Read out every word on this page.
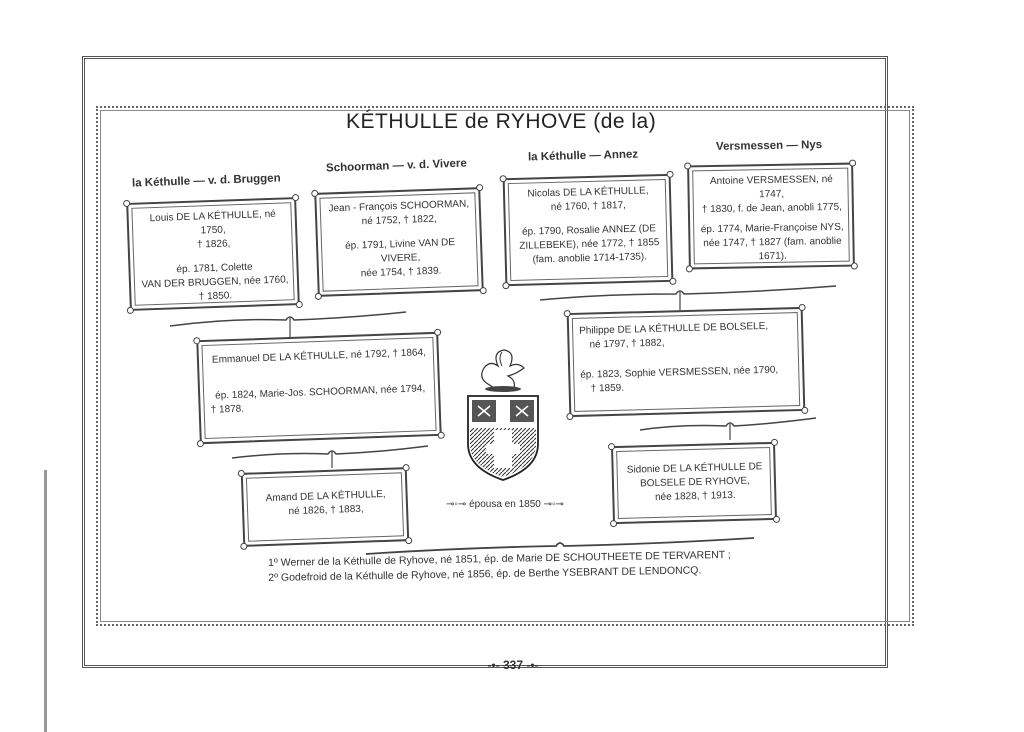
KÉTHULLE de RYHOVE (de la)
la Kéthulle — v. d. Bruggen
Schoorman — v. d. Vivere
la Kéthulle — Annez
Versmessen — Nys

Louis DE LA KÉTHULLE, né 1750,

† 1826,

ép. 1781, Colette

VAN DER BRUGGEN, née 1760,

† 1850.

Jean - François SCHOORMAN,

né 1752, † 1822,

ép. 1791, Livine VAN DE VIVERE,

née 1754, † 1839.

Nicolas DE LA KÉTHULLE,

né 1760, † 1817,

ép. 1790, Rosalie ANNEZ (DE

ZILLEBEKE), née 1772, † 1855

(fam. anoblie 1714-1735).

Antoine VERSMESSEN, né 1747,

† 1830, f. de Jean, anobli 1775,

ép. 1774, Marie-Françoise NYS,

née 1747, † 1827 (fam. anoblie

1671).

Emmanuel DE LA KÉTHULLE, né 1792, † 1864,

ép. 1824, Marie-Jos. SCHOORMAN, née 1794,

† 1878.

Philippe DE LA KÉTHULLE DE BOLSELE,

né 1797, † 1882,

ép. 1823, Sophie VERSMESSEN, née 1790,

† 1859.

Amand DE LA KÉTHULLE,

né 1826, † 1883,

Sidonie DE LA KÉTHULLE DE

BOLSELE DE RYHOVE,

née 1828, † 1913.

⊸◦⊸ épousa en 1850 ⊸◦⊸

1º Werner de la Kéthulle de Ryhove, né 1851, ép. de Marie DE SCHOUTHEETE DE TERVARENT ;

2º Godefroid de la Kéthulle de Ryhove, né 1856, ép. de Berthe YSEBRANT DE LENDONCQ.

-•- 337 -•-
